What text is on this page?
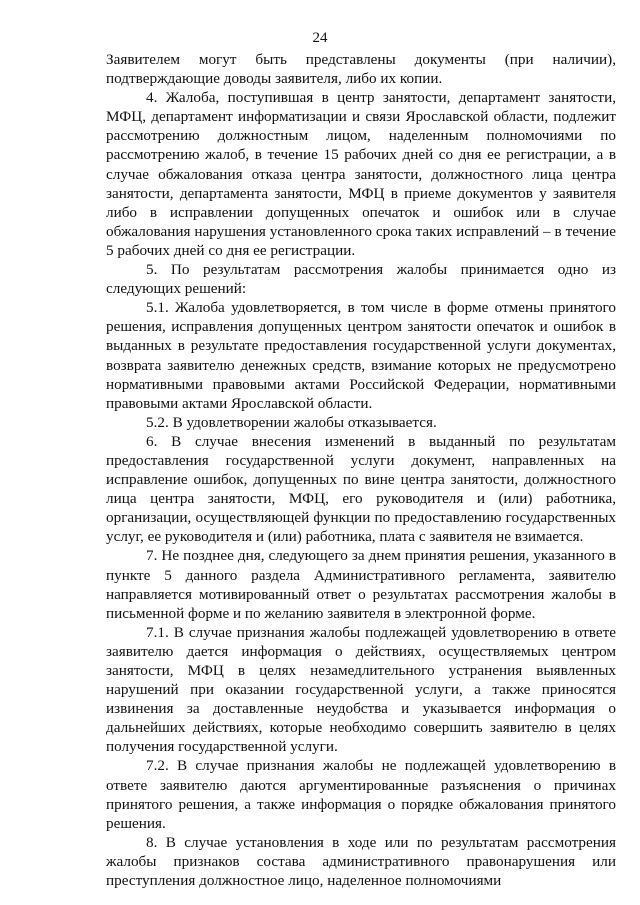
24

Заявителем могут быть представлены документы (при наличии), подтверждающие доводы заявителя, либо их копии.

4. Жалоба, поступившая в центр занятости, департамент занятости, МФЦ, департамент информатизации и связи Ярославской области, подлежит рассмотрению должностным лицом, наделенным полномочиями по рассмотрению жалоб, в течение 15 рабочих дней со дня ее регистрации, а в случае обжалования отказа центра занятости, должностного лица центра занятости, департамента занятости, МФЦ в приеме документов у заявителя либо в исправлении допущенных опечаток и ошибок или в случае обжалования нарушения установленного срока таких исправлений – в течение 5 рабочих дней со дня ее регистрации.

5. По результатам рассмотрения жалобы принимается одно из следующих решений:

5.1. Жалоба удовлетворяется, в том числе в форме отмены принятого решения, исправления допущенных центром занятости опечаток и ошибок в выданных в результате предоставления государственной услуги документах, возврата заявителю денежных средств, взимание которых не предусмотрено нормативными правовыми актами Российской Федерации, нормативными правовыми актами Ярославской области.

5.2. В удовлетворении жалобы отказывается.

6. В случае внесения изменений в выданный по результатам предоставления государственной услуги документ, направленных на исправление ошибок, допущенных по вине центра занятости, должностного лица центра занятости, МФЦ, его руководителя и (или) работника, организации, осуществляющей функции по предоставлению государственных услуг, ее руководителя и (или) работника, плата с заявителя не взимается.

7. Не позднее дня, следующего за днем принятия решения, указанного в пункте 5 данного раздела Административного регламента, заявителю направляется мотивированный ответ о результатах рассмотрения жалобы в письменной форме и по желанию заявителя в электронной форме.

7.1. В случае признания жалобы подлежащей удовлетворению в ответе заявителю дается информация о действиях, осуществляемых центром занятости, МФЦ в целях незамедлительного устранения выявленных нарушений при оказании государственной услуги, а также приносятся извинения за доставленные неудобства и указывается информация о дальнейших действиях, которые необходимо совершить заявителю в целях получения государственной услуги.

7.2. В случае признания жалобы не подлежащей удовлетворению в ответе заявителю даются аргументированные разъяснения о причинах принятого решения, а также информация о порядке обжалования принятого решения.

8. В случае установления в ходе или по результатам рассмотрения жалобы признаков состава административного правонарушения или преступления должностное лицо, наделенное полномочиями
